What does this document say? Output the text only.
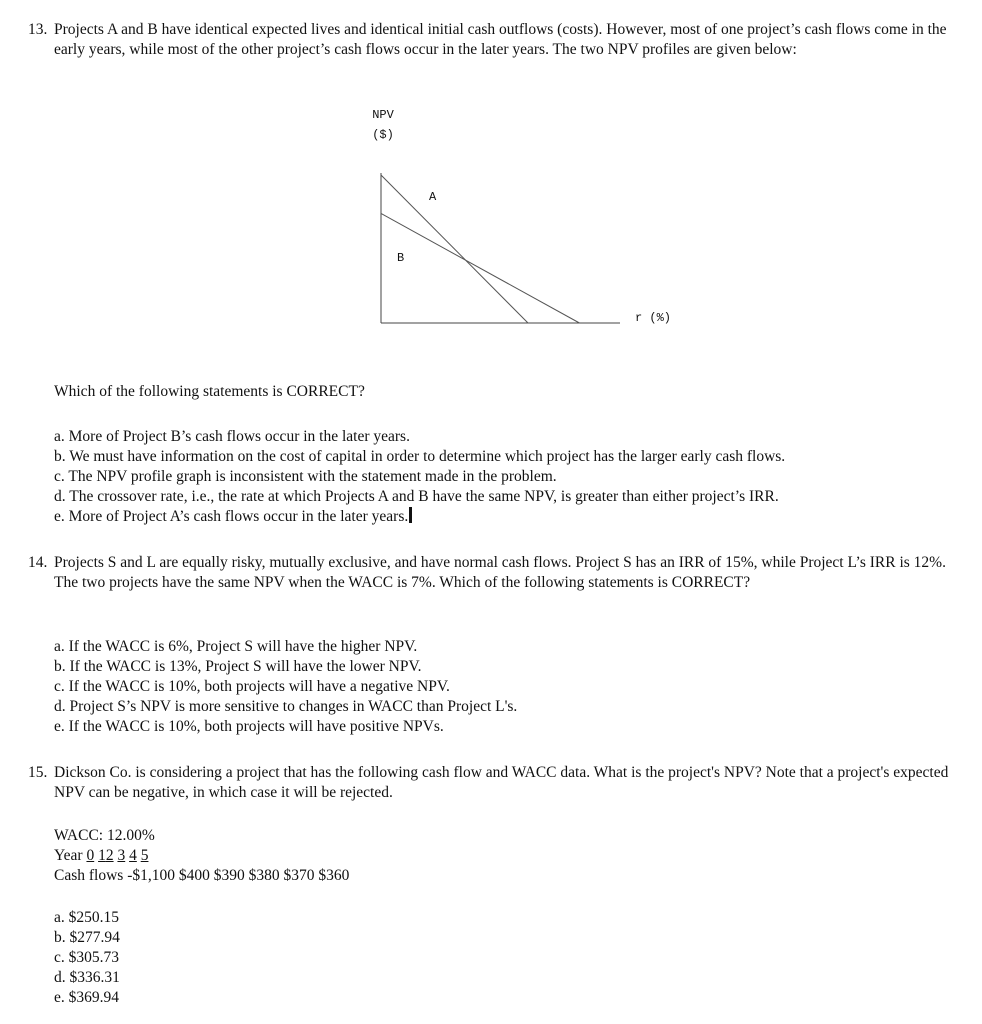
13. Projects A and B have identical expected lives and identical initial cash outflows (costs). However, most of one project’s cash flows come in the early years, while most of the other project’s cash flows occur in the later years. The two NPV profiles are given below:
NPV
($)
A
B
r (%)
Which of the following statements is CORRECT?
a. More of Project B’s cash flows occur in the later years.
b. We must have information on the cost of capital in order to determine which project has the larger early cash flows.
c. The NPV profile graph is inconsistent with the statement made in the problem.
d. The crossover rate, i.e., the rate at which Projects A and B have the same NPV, is greater than either project’s IRR.
e. More of Project A’s cash flows occur in the later years.
14. Projects S and L are equally risky, mutually exclusive, and have normal cash flows. Project S has an IRR of 15%, while Project L’s IRR is 12%. The two projects have the same NPV when the WACC is 7%. Which of the following statements is CORRECT?
a. If the WACC is 6%, Project S will have the higher NPV.
b. If the WACC is 13%, Project S will have the lower NPV.
c. If the WACC is 10%, both projects will have a negative NPV.
d. Project S’s NPV is more sensitive to changes in WACC than Project L's.
e. If the WACC is 10%, both projects will have positive NPVs.
15. Dickson Co. is considering a project that has the following cash flow and WACC data. What is the project's NPV? Note that a project's expected NPV can be negative, in which case it will be rejected.
WACC: 12.00%
Year 0 12 3 4 5
Cash flows -$1,100 $400 $390 $380 $370 $360
a. $250.15
b. $277.94
c. $305.73
d. $336.31
e. $369.94
